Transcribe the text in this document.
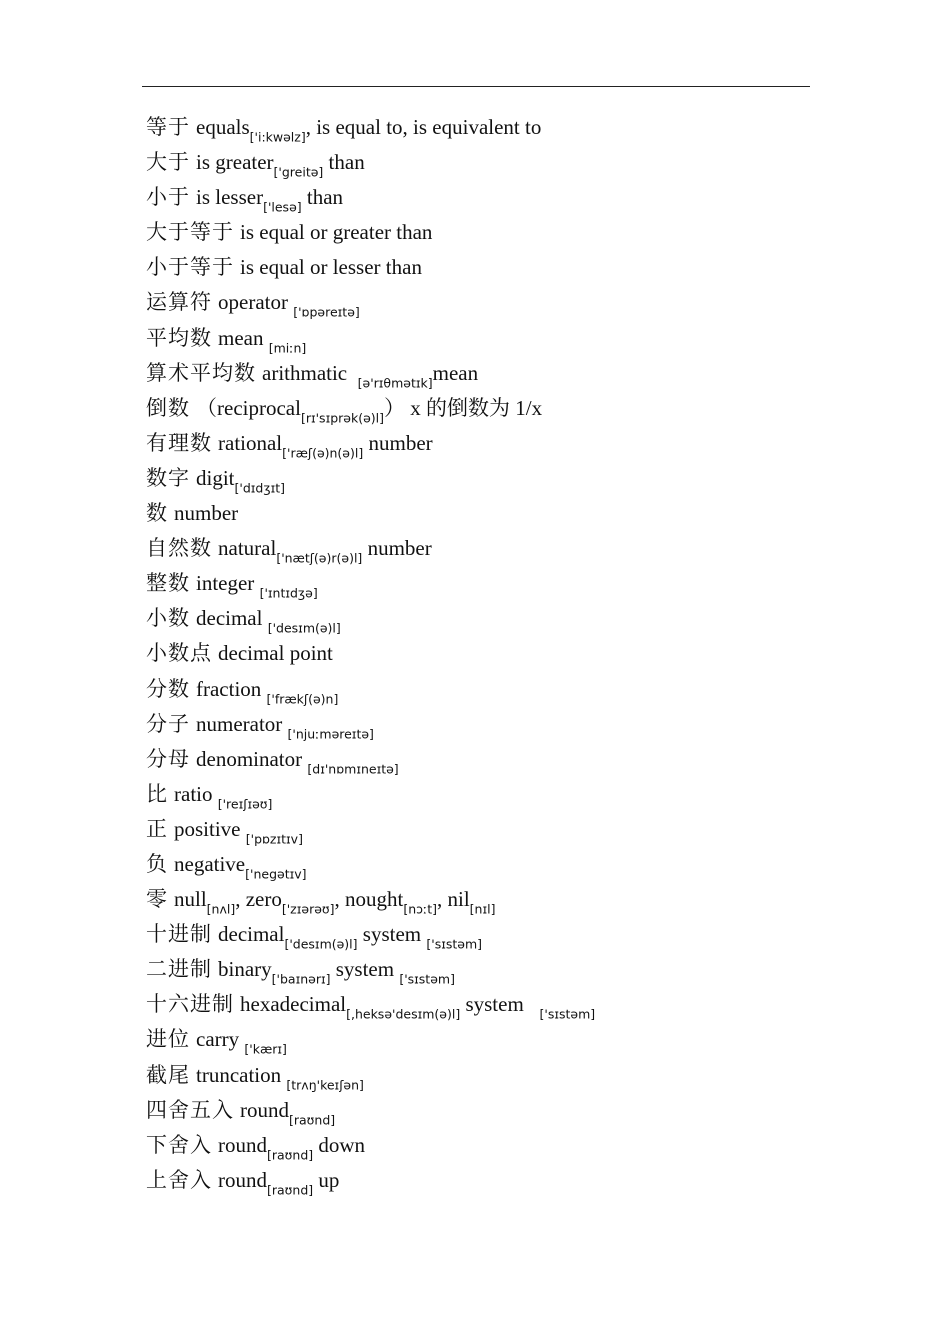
等于 equals$_{['i:kwəlz]}$, is equal to, is equivalent to
大于 is greater$_{['greitə]}$ than
小于 is lesser$_{['lesə]}$ than
大于等于 is equal or greater than
小于等于 is equal or lesser than
运算符 operator $_{['ɒpəreɪtə]}$
平均数 mean $_{[miːn]}$
算术平均数 arithmatic  $_{[ə'rɪ\theta mətɪk]}$mean
倒数 （reciprocal$_{[rɪ'sɪprək(ə)l]}$） x 的倒数为 1/x
有理数 rational$_{['ræʃ(ə)n(ə)l]}$ number
数字 digit$_{['dɪdʒɪt]}$
数 number
自然数 natural$_{['nætʃ(ə)r(ə)l]}$ number
整数 integer $_{['ɪntɪdʒə]}$
小数 decimal $_{['desɪm(ə)l]}$
小数点 decimal point
分数 fraction $_{['frækʃ(ə)n]}$
分子 numerator $_{['njuːməreɪtə]}$
分母 denominator $_{[dɪ'nɒmɪneɪtə]}$
比 ratio $_{['reɪʃɪəʊ]}$
正 positive $_{['pɒzɪtɪv]}$
负 negative$_{['negətɪv]}$
零 null$_{[nʌl]}$, zero$_{['zɪərəʊ]}$, nought$_{[nɔːt]}$, nil$_{[nɪl]}$
十进制 decimal$_{['desɪm(ə)l]}$ system $_{['sɪstəm]}$
二进制 binary$_{['baɪnərɪ]}$ system $_{['sɪstəm]}$
十六进制 hexadecimal$_{[,heksə'desɪm(ə)l]}$ system   $_{['sɪstəm]}$
进位 carry $_{['kærɪ]}$
截尾 truncation $_{[trʌŋ'keɪʃən]}$
四舍五入 round$_{[raʊnd]}$
下舍入 round$_{[raʊnd]}$ down
上舍入 round$_{[raʊnd]}$ up
